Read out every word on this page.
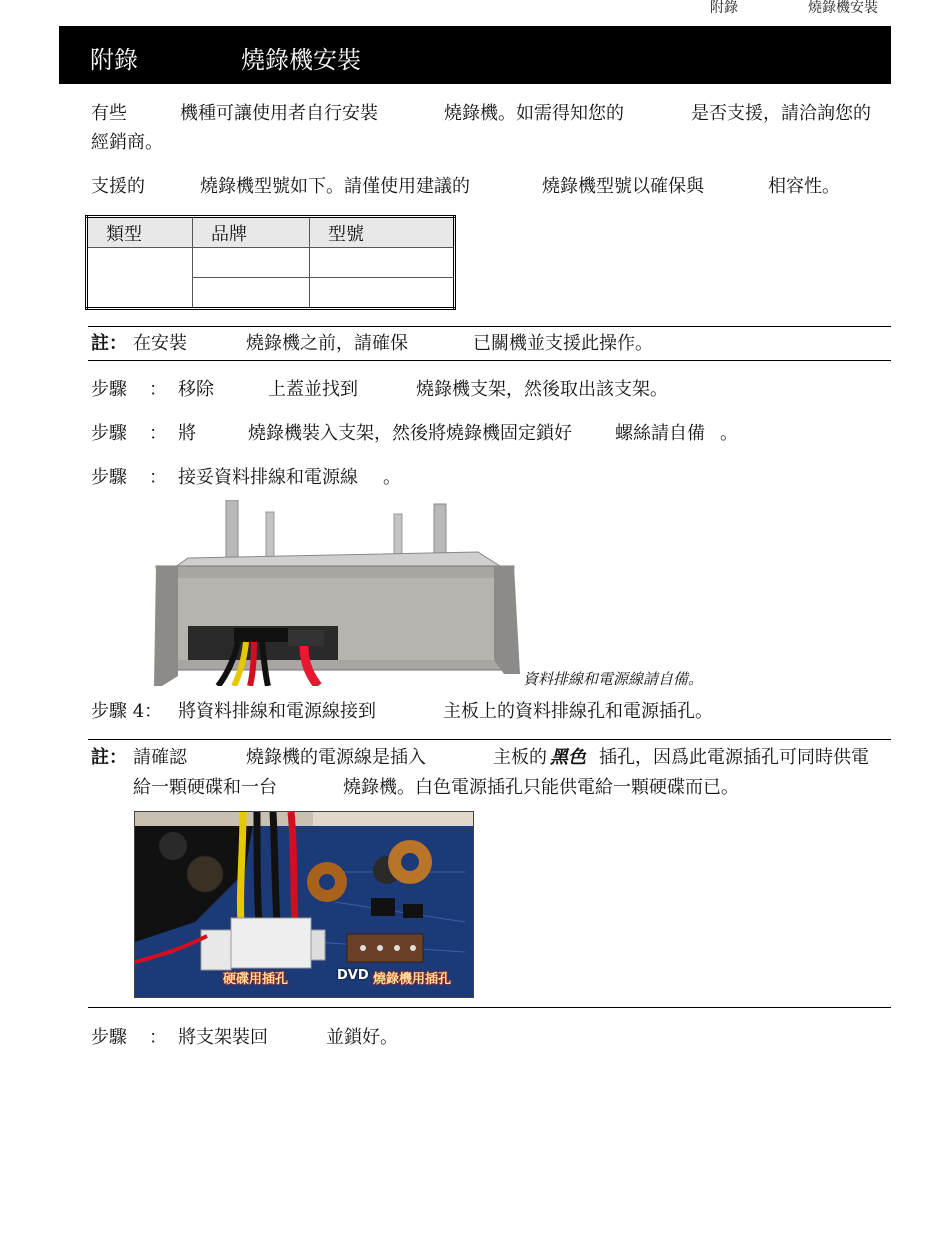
附錄	燒錄機安裝
附錄	燒錄機安裝
有些	機種可讓使用者自行安裝	燒錄機。如需得知您的	是否支援，請洽詢您的
經銷商。
支援的	燒錄機型號如下。請僅使用建議的	燒錄機型號以確保與	相容性。
類型	品牌	型號

註： 在安裝	燒錄機之前，請確保	已關機並支援此操作。
步驟 ： 移除	上蓋並找到	燒錄機支架，然後取出該支架。
步驟 ： 將	燒錄機裝入支架，然後將燒錄機固定鎖好 螺絲請自備 。
步驟 ： 接妥資料排線和電源線 。
資料排線和電源線請自備。
步驟 4： 將資料排線和電源線接到	主板上的資料排線孔和電源插孔。
註： 請確認	燒錄機的電源線是插入	主板的 黑色 插孔，因爲此電源插孔可同時供電
給一顆硬碟和一台	燒錄機。白色電源插孔只能供電給一顆硬碟而已。
硬碟用插孔	DVD 燒錄機用插孔
步驟 ： 將支架裝回	並鎖好。
